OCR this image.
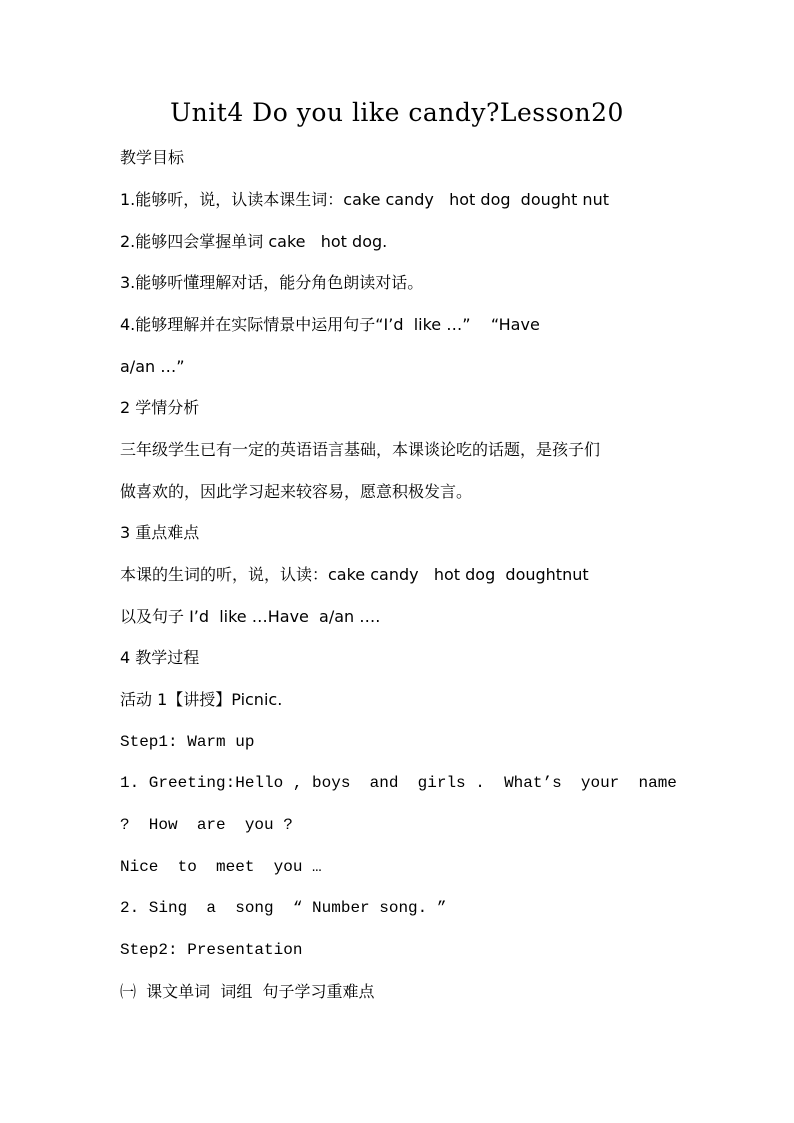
Unit4 Do you like candy?Lesson20
教学目标
1.能够听，说，认读本课生词：cake candy   hot dog  dought nut
2.能够四会掌握单词 cake   hot dog.
3.能够听懂理解对话，能分角色朗读对话。
4.能够理解并在实际情景中运用句子“I’d  like …”    “Have
a/an …”
2 学情分析
三年级学生已有一定的英语语言基础，本课谈论吃的话题，是孩子们
做喜欢的，因此学习起来较容易，愿意积极发言。
3 重点难点
本课的生词的听，说，认读：cake candy   hot dog  doughtnut
以及句子 I’d  like …Have  a/an ….
4 教学过程
活动 1【讲授】Picnic.
Step1: Warm up
1. Greeting:Hello , boys  and  girls .  What’s  your  name
?  How  are  you ?
Nice  to  meet  you …
2. Sing  a  song  “ Number song. ”
Step2: Presentation
㈠  课文单词  词组  句子学习重难点
